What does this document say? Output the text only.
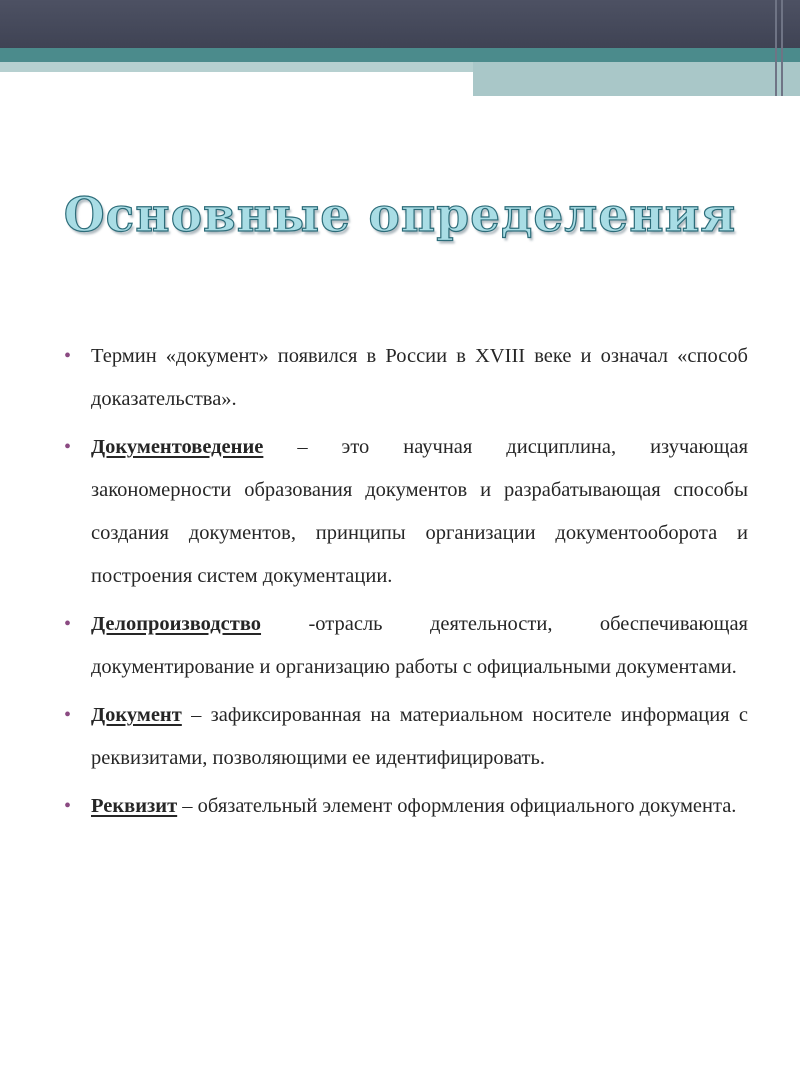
Основные определения
• Термин «документ» появился в России в XVIII веке и означал «способ доказательства».
• Документоведение – это научная дисциплина, изучающая закономерности образования документов и разрабатывающая способы создания документов, принципы организации документооборота и построения систем документации.
• Делопроизводство -отрасль деятельности, обеспечивающая документирование и организацию работы с официальными документами.
• Документ – зафиксированная на материальном носителе информация с реквизитами, позволяющими ее идентифицировать.
• Реквизит – обязательный элемент оформления официального документа.
